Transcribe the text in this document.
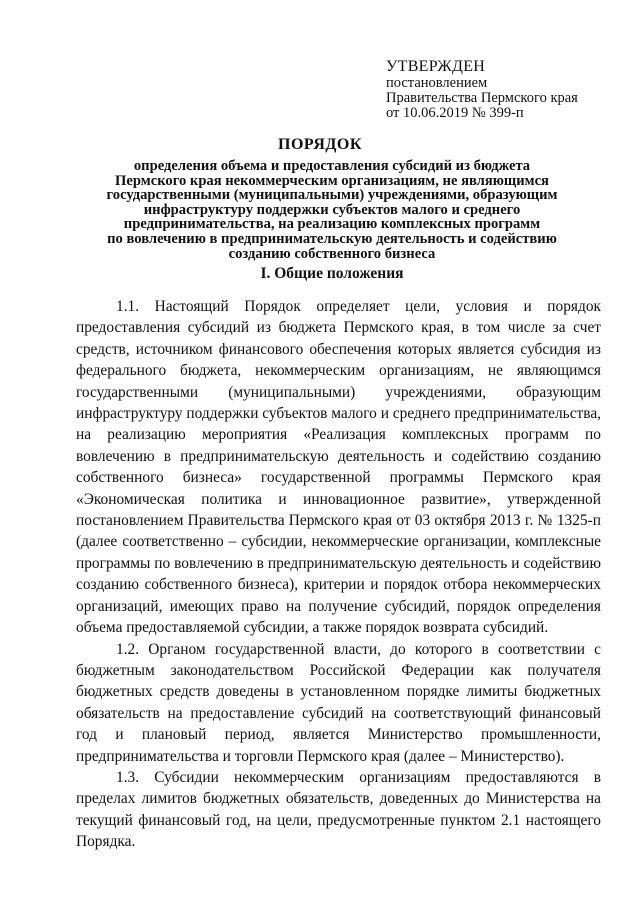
УТВЕРЖДЕН
постановлением
Правительства Пермского края
от 10.06.2019 № 399-п
ПОРЯДОК
определения объема и предоставления субсидий из бюджета
Пермского края некоммерческим организациям, не являющимся
государственными (муниципальными) учреждениями, образующим
инфраструктуру поддержки субъектов малого и среднего
предпринимательства, на реализацию комплексных программ
по вовлечению в предпринимательскую деятельность и содействию
созданию собственного бизнеса
I. Общие положения

1.1. Настоящий Порядок определяет цели, условия и порядок предоставления субсидий из бюджета Пермского края, в том числе за счет средств, источником финансового обеспечения которых является субсидия из федерального бюджета, некоммерческим организациям, не являющимся государственными (муниципальными) учреждениями, образующим инфраструктуру поддержки субъектов малого и среднего предпринимательства, на реализацию мероприятия «Реализация комплексных программ по вовлечению в предпринимательскую деятельность и содействию созданию собственного бизнеса» государственной программы Пермского края «Экономическая политика и инновационное развитие», утвержденной постановлением Правительства Пермского края от 03 октября 2013 г. № 1325-п (далее соответственно – субсидии, некоммерческие организации, комплексные программы по вовлечению в предпринимательскую деятельность и содействию созданию собственного бизнеса), критерии и порядок отбора некоммерческих организаций, имеющих право на получение субсидий, порядок определения объема предоставляемой субсидии, а также порядок возврата субсидий.

1.2. Органом государственной власти, до которого в соответствии с бюджетным законодательством Российской Федерации как получателя бюджетных средств доведены в установленном порядке лимиты бюджетных обязательств на предоставление субсидий на соответствующий финансовый год и плановый период, является Министерство промышленности, предпринимательства и торговли Пермского края (далее – Министерство).

1.3. Субсидии некоммерческим организациям предоставляются в пределах лимитов бюджетных обязательств, доведенных до Министерства на текущий финансовый год, на цели, предусмотренные пунктом 2.1 настоящего Порядка.
